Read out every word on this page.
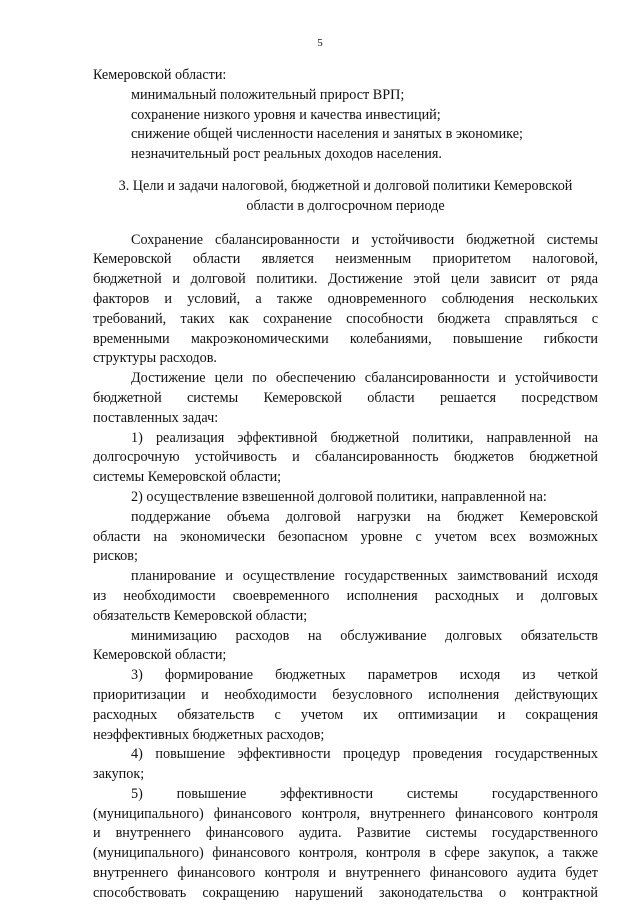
5
Кемеровской области:
минимальный положительный прирост ВРП;
сохранение низкого уровня и качества инвестиций;
снижение общей численности населения и занятых в экономике;
незначительный рост реальных доходов населения.
3. Цели и задачи налоговой, бюджетной и долговой политики Кемеровской
области в долгосрочном периоде
Сохранение сбалансированности и устойчивости бюджетной системы
Кемеровской области является неизменным приоритетом налоговой,
бюджетной и долговой политики. Достижение этой цели зависит от ряда
факторов и условий, а также одновременного соблюдения нескольких
требований, таких как сохранение способности бюджета справляться с
временными макроэкономическими колебаниями, повышение гибкости
структуры расходов.
Достижение цели по обеспечению сбалансированности и устойчивости
бюджетной системы Кемеровской области решается посредством
поставленных задач:
1) реализация эффективной бюджетной политики, направленной на
долгосрочную устойчивость и сбалансированность бюджетов бюджетной
системы Кемеровской области;
2) осуществление взвешенной долговой политики, направленной на:
поддержание объема долговой нагрузки на бюджет Кемеровской
области на экономически безопасном уровне с учетом всех возможных
рисков;
планирование и осуществление государственных заимствований исходя
из необходимости своевременного исполнения расходных и долговых
обязательств Кемеровской области;
минимизацию расходов на обслуживание долговых обязательств
Кемеровской области;
3) формирование бюджетных параметров исходя из четкой
приоритизации и необходимости безусловного исполнения действующих
расходных обязательств с учетом их оптимизации и сокращения
неэффективных бюджетных расходов;
4) повышение эффективности процедур проведения государственных
закупок;
5) повышение эффективности системы государственного
(муниципального) финансового контроля, внутреннего финансового контроля
и внутреннего финансового аудита. Развитие системы государственного
(муниципального) финансового контроля, контроля в сфере закупок, а также
внутреннего финансового контроля и внутреннего финансового аудита будет
способствовать сокращению нарушений законодательства о контрактной
